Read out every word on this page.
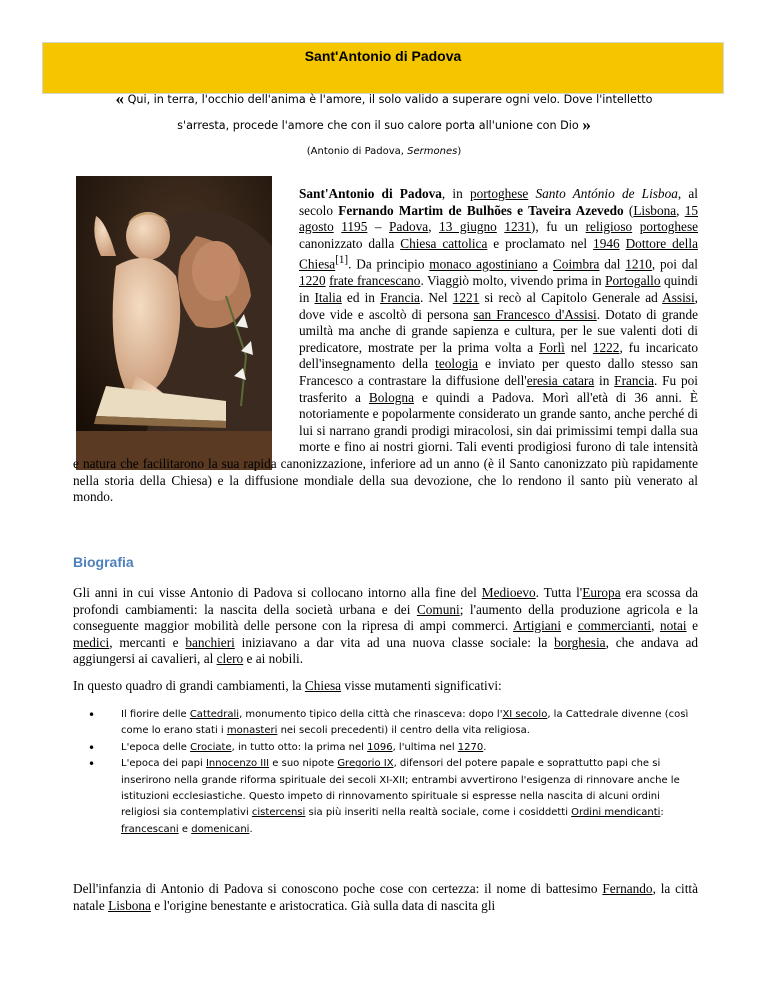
Sant'Antonio di Padova
« Qui, in terra, l'occhio dell'anima è l'amore, il solo valido a superare ogni velo. Dove l'intelletto
s'arresta, procede l'amore che con il suo calore porta all'unione con Dio »
(Antonio di Padova, Sermones)

Sant'Antonio di Padova, in portoghese Santo António de Lisboa, al secolo Fernando Martim de Bulhões e Taveira Azevedo (Lisbona, 15 agosto 1195 – Padova, 13 giugno 1231), fu un religioso portoghese canonizzato dalla Chiesa cattolica e proclamato nel 1946 Dottore della Chiesa[1]. Da principio monaco agostiniano a Coimbra dal 1210, poi dal 1220 frate francescano. Viaggiò molto, vivendo prima in Portogallo quindi in Italia ed in Francia. Nel 1221 si recò al Capitolo Generale ad Assisi, dove vide e ascoltò di persona san Francesco d'Assisi. Dotato di grande umiltà ma anche di grande sapienza e cultura, per le sue valenti doti di predicatore, mostrate per la prima volta a Forlì nel 1222, fu incaricato dell'insegnamento della teologia e inviato per questo dallo stesso san Francesco a contrastare la diffusione dell'eresia catara in Francia. Fu poi trasferito a Bologna e quindi a Padova. Morì all'età di 36 anni. È notoriamente e popolarmente considerato un grande santo, anche perché di lui si narrano grandi prodigi miracolosi, sin dai primissimi tempi dalla sua morte e fino ai nostri giorni. Tali eventi prodigiosi furono di tale intensità e natura che facilitarono la sua rapida canonizzazione, inferiore ad un anno (è il Santo canonizzato più rapidamente nella storia della Chiesa) e la diffusione mondiale della sua devozione, che lo rendono il santo più venerato al mondo.

Biografia

Gli anni in cui visse Antonio di Padova si collocano intorno alla fine del Medioevo. Tutta l'Europa era scossa da profondi cambiamenti: la nascita della società urbana e dei Comuni; l'aumento della produzione agricola e la conseguente maggior mobilità delle persone con la ripresa di ampi commerci. Artigiani e commercianti, notai e medici, mercanti e banchieri iniziavano a dar vita ad una nuova classe sociale: la borghesia, che andava ad aggiungersi ai cavalieri, al clero e ai nobili.

In questo quadro di grandi cambiamenti, la Chiesa visse mutamenti significativi:

• Il fiorire delle Cattedrali, monumento tipico della città che rinasceva: dopo l'XI secolo, la Cattedrale divenne (così come lo erano stati i monasteri nei secoli precedenti) il centro della vita religiosa.
• L'epoca delle Crociate, in tutto otto: la prima nel 1096, l'ultima nel 1270.
• L'epoca dei papi Innocenzo III e suo nipote Gregorio IX, difensori del potere papale e soprattutto papi che si inserirono nella grande riforma spirituale dei secoli XI-XII; entrambi avvertirono l'esigenza di rinnovare anche le istituzioni ecclesiastiche. Questo impeto di rinnovamento spirituale si espresse nella nascita di alcuni ordini religiosi sia contemplativi cistercensi sia più inseriti nella realtà sociale, come i cosiddetti Ordini mendicanti: francescani e domenicani.

Dell'infanzia di Antonio di Padova si conoscono poche cose con certezza: il nome di battesimo Fernando, la città natale Lisbona e l'origine benestante e aristocratica. Già sulla data di nascita gli
